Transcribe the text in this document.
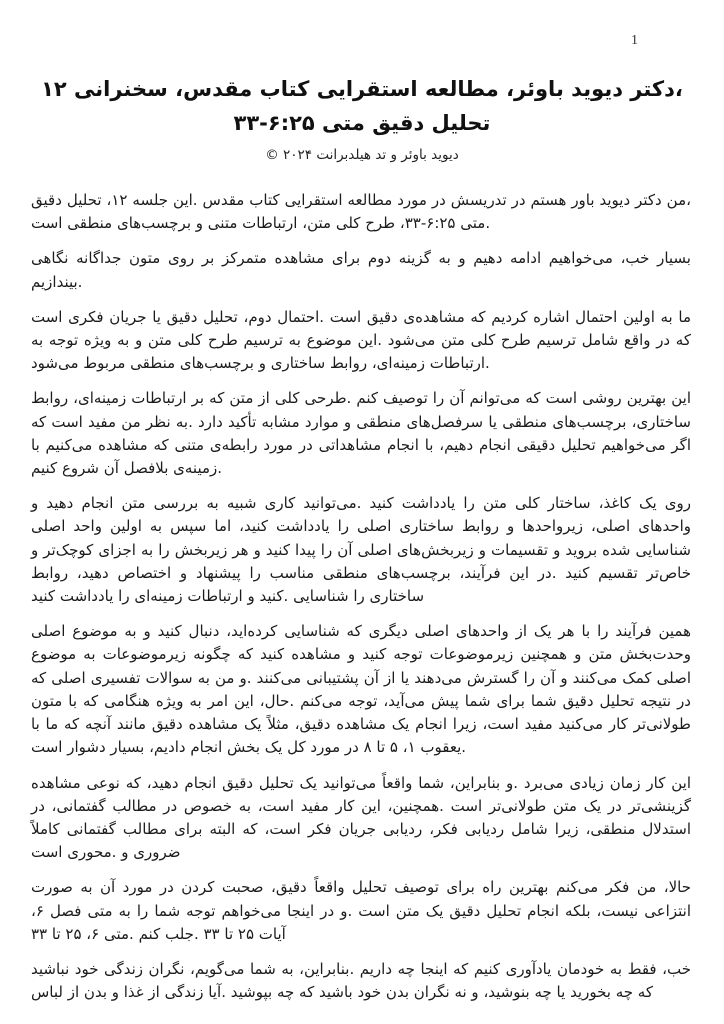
1
،دکتر دیوید باوئر، مطالعه استقرایی کتاب مقدس، سخنرانی ۱۲
تحلیل دقیق متی ۶:۲۵-۳۳
دیوید باوئر و تد هیلدبرانت ۲۰۲۴ ©

،من دکتر دیوید باور هستم در تدریسش در مورد مطالعه استقرایی کتاب مقدس .این جلسه ۱۲، تحلیل دقیق .متی ۶:۲۵-۳۳، طرح کلی متن، ارتباطات متنی و برچسب‌های منطقی است

بسیار خب، می‌خواهیم ادامه دهیم و به گزینه دوم برای مشاهده متمرکز بر روی متون جداگانه نگاهی .بیندازیم

ما به اولین احتمال اشاره کردیم که مشاهده‌ی دقیق است .احتمال دوم، تحلیل دقیق یا جریان فکری است که در واقع شامل ترسیم طرح کلی متن می‌شود .این موضوع به ترسیم طرح کلی متن و به ویژه توجه به .ارتباطات زمینه‌ای، روابط ساختاری و برچسب‌های منطقی مربوط می‌شود

این بهترین روشی است که می‌توانم آن را توصیف کنم .طرحی کلی از متن که بر ارتباطات زمینه‌ای، روابط ساختاری، برچسب‌های منطقی یا سرفصل‌های منطقی و موارد مشابه تأکید دارد .به نظر من مفید است که اگر می‌خواهیم تحلیل دقیقی انجام دهیم، با انجام مشاهداتی در مورد رابطه‌ی متنی که مشاهده می‌کنیم با .زمینه‌ی بلافصل آن شروع کنیم

روی یک کاغذ، ساختار کلی متن را یادداشت کنید .می‌توانید کاری شبیه به بررسی متن انجام دهید و واحدهای اصلی، زیرواحدها و روابط ساختاری اصلی را یادداشت کنید، اما سپس به اولین واحد اصلی شناسایی شده بروید و تقسیمات و زیربخش‌های اصلی آن را پیدا کنید و هر زیربخش را به اجزای کوچک‌تر و خاص‌تر تقسیم کنید .در این فرآیند، برچسب‌های منطقی مناسب را پیشنهاد و اختصاص دهید، روابط ساختاری را شناسایی .کنید و ارتباطات زمینه‌ای را یادداشت کنید

همین فرآیند را با هر یک از واحدهای اصلی دیگری که شناسایی کرده‌اید، دنبال کنید و به موضوع اصلی وحدت‌بخش متن و همچنین زیرموضوعات توجه کنید و مشاهده کنید که چگونه زیرموضوعات به موضوع اصلی کمک می‌کنند و آن را گسترش می‌دهند یا از آن پشتیبانی می‌کنند .و من به سوالات تفسیری اصلی که در نتیجه تحلیل دقیق شما برای شما پیش می‌آید، توجه می‌کنم .حال، این امر به ویژه هنگامی که با متون طولانی‌تر کار می‌کنید مفید است، زیرا انجام یک مشاهده دقیق، مثلاً یک مشاهده دقیق مانند آنچه که ما با .یعقوب ۱، ۵ تا ۸ در مورد کل یک بخش انجام دادیم، بسیار دشوار است

این کار زمان زیادی می‌برد .و بنابراین، شما واقعاً می‌توانید یک تحلیل دقیق انجام دهید، که نوعی مشاهده گزینشی‌تر در یک متن طولانی‌تر است .همچنین، این کار مفید است، به خصوص در مطالب گفتمانی، در استدلال منطقی، زیرا شامل ردیابی فکر، ردیابی جریان فکر است، که البته برای مطالب گفتمانی کاملاً ضروری و .محوری است

حالا، من فکر می‌کنم بهترین راه برای توصیف تحلیل واقعاً دقیق، صحبت کردن در مورد آن به صورت انتزاعی نیست، بلکه انجام تحلیل دقیق یک متن است .و در اینجا می‌خواهم توجه شما را به متی فصل ۶، آیات ۲۵ تا ۳۳ .جلب کنم .متی ۶، ۲۵ تا ۳۳

خب، فقط به خودمان یادآوری کنیم که اینجا چه داریم .بنابراین، به شما می‌گویم، نگران زندگی خود نباشید که چه بخورید یا چه بنوشید، و نه نگران بدن خود باشید که چه بپوشید .آیا زندگی از غذا و بدن از لباس
